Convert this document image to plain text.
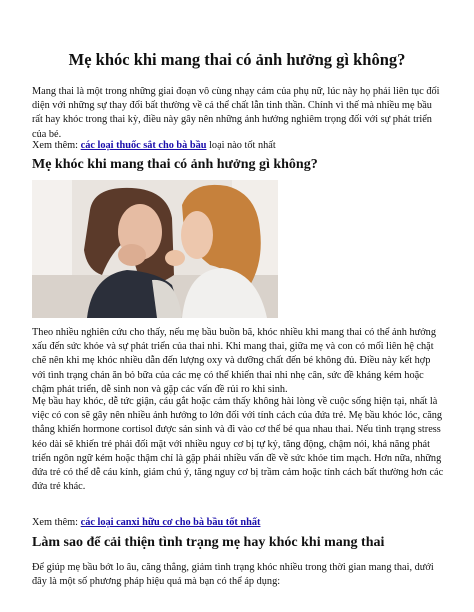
Mẹ khóc khi mang thai có ảnh hưởng gì không?

Mang thai là một trong những giai đoạn vô cùng nhạy cảm của phụ nữ, lúc này họ phải liên tục đối diện với những sự thay đổi bất thường về cả thể chất lẫn tinh thần. Chính vì thế mà nhiều mẹ bầu rất hay khóc trong thai kỳ, điều này gây nên những ảnh hưởng nghiêm trọng đối với sự phát triển của bé.

Xem thêm: các loại thuốc sắt cho bà bầu loại nào tốt nhất

Mẹ khóc khi mang thai có ảnh hưởng gì không?

Theo nhiều nghiên cứu cho thấy, nếu mẹ bầu buồn bã, khóc nhiều khi mang thai có thể ảnh hưởng xấu đến sức khỏe và sự phát triển của thai nhi. Khi mang thai, giữa mẹ và con có mối liên hệ chặt chẽ nên khi mẹ khóc nhiều dẫn đến lượng oxy và dưỡng chất đến bé không đủ. Điều này kết hợp với tình trạng chán ăn bỏ bữa của các mẹ có thể khiến thai nhi nhẹ cân, sức đề kháng kém hoặc chậm phát triển, dễ sinh non và gặp các vấn đề rủi ro khi sinh.

Mẹ bầu hay khóc, dễ tức giận, cáu gắt hoặc cảm thấy không hài lòng về cuộc sống hiện tại, nhất là việc có con sẽ gây nên nhiều ảnh hưởng to lớn đối với tính cách của đứa trẻ. Mẹ bầu khóc lóc, căng thẳng khiến hormone cortisol được sản sinh và đi vào cơ thể bé qua nhau thai. Nếu tình trạng stress kéo dài sẽ khiến trẻ phải đối mặt với nhiều nguy cơ bị tự kỷ, tăng động, chậm nói, khả năng phát triển ngôn ngữ kém hoặc thậm chí là gặp phải nhiều vấn đề về sức khỏe tim mạch. Hơn nữa, những đứa trẻ có thể dễ cáu kính, giảm chú ý, tăng nguy cơ bị trầm cảm hoặc tính cách bất thường hơn các đứa trẻ khác.

Xem thêm: các loại canxi hữu cơ cho bà bầu tốt nhất

Làm sao để cải thiện tình trạng mẹ hay khóc khi mang thai

Để giúp mẹ bầu bớt lo âu, căng thẳng, giảm tình trạng khóc nhiều trong thời gian mang thai, dưới đây là một số phương pháp hiệu quả mà bạn có thể áp dụng:
